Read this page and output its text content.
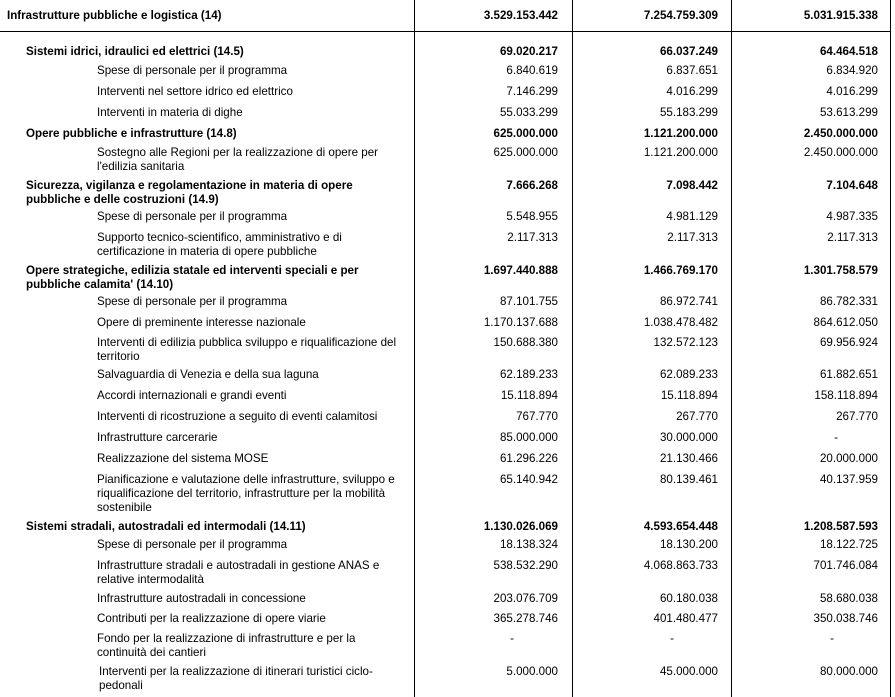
Infrastrutture pubbliche e logistica (14)	3.529.153.442	7.254.759.309	5.031.915.338
Sistemi idrici, idraulici ed elettrici (14.5)	69.020.217	66.037.249	64.464.518
Spese di personale per il programma	6.840.619	6.837.651	6.834.920
Interventi nel settore idrico ed elettrico	7.146.299	4.016.299	4.016.299
Interventi in materia di dighe	55.033.299	55.183.299	53.613.299
Opere pubbliche e infrastrutture (14.8)	625.000.000	1.121.200.000	2.450.000.000
Sostegno alle Regioni per la realizzazione di opere per l'edilizia sanitaria
625.000.000	1.121.200.000	2.450.000.000
Sicurezza, vigilanza e regolamentazione in materia di opere pubbliche e delle costruzioni (14.9)
7.666.268	7.098.442	7.104.648
Spese di personale per il programma	5.548.955	4.981.129	4.987.335
Supporto tecnico-scientifico, amministrativo e di certificazione in materia di opere pubbliche
2.117.313	2.117.313	2.117.313
Opere strategiche, edilizia statale ed interventi speciali e per pubbliche calamita' (14.10)
1.697.440.888	1.466.769.170	1.301.758.579
Spese di personale per il programma	87.101.755	86.972.741	86.782.331
Opere di preminente interesse nazionale	1.170.137.688	1.038.478.482	864.612.050
Interventi di edilizia pubblica sviluppo e riqualificazione del territorio
150.688.380	132.572.123	69.956.924
Salvaguardia di Venezia e della sua laguna	62.189.233	62.089.233	61.882.651
Accordi internazionali e grandi eventi	15.118.894	15.118.894	158.118.894
Interventi di ricostruzione a seguito di eventi calamitosi	767.770	267.770	267.770
Infrastrutture carcerarie	85.000.000	30.000.000	-
Realizzazione del sistema MOSE	61.296.226	21.130.466	20.000.000
Pianificazione e valutazione delle infrastrutture, sviluppo e riqualificazione del territorio, infrastrutture per la mobilità sostenibile
65.140.942	80.139.461	40.137.959
Sistemi stradali, autostradali ed intermodali (14.11)	1.130.026.069	4.593.654.448	1.208.587.593
Spese di personale per il programma	18.138.324	18.130.200	18.122.725
Infrastrutture stradali e autostradali in gestione ANAS e relative intermodalità
538.532.290	4.068.863.733	701.746.084
Infrastrutture autostradali in concessione	203.076.709	60.180.038	58.680.038
Contributi per la realizzazione di opere viarie	365.278.746	401.480.477	350.038.746
Fondo per la realizzazione di infrastrutture e per la continuità dei cantieri
-	-	-
Interventi per la realizzazione di itinerari turistici ciclo-pedonali
5.000.000	45.000.000	80.000.000
